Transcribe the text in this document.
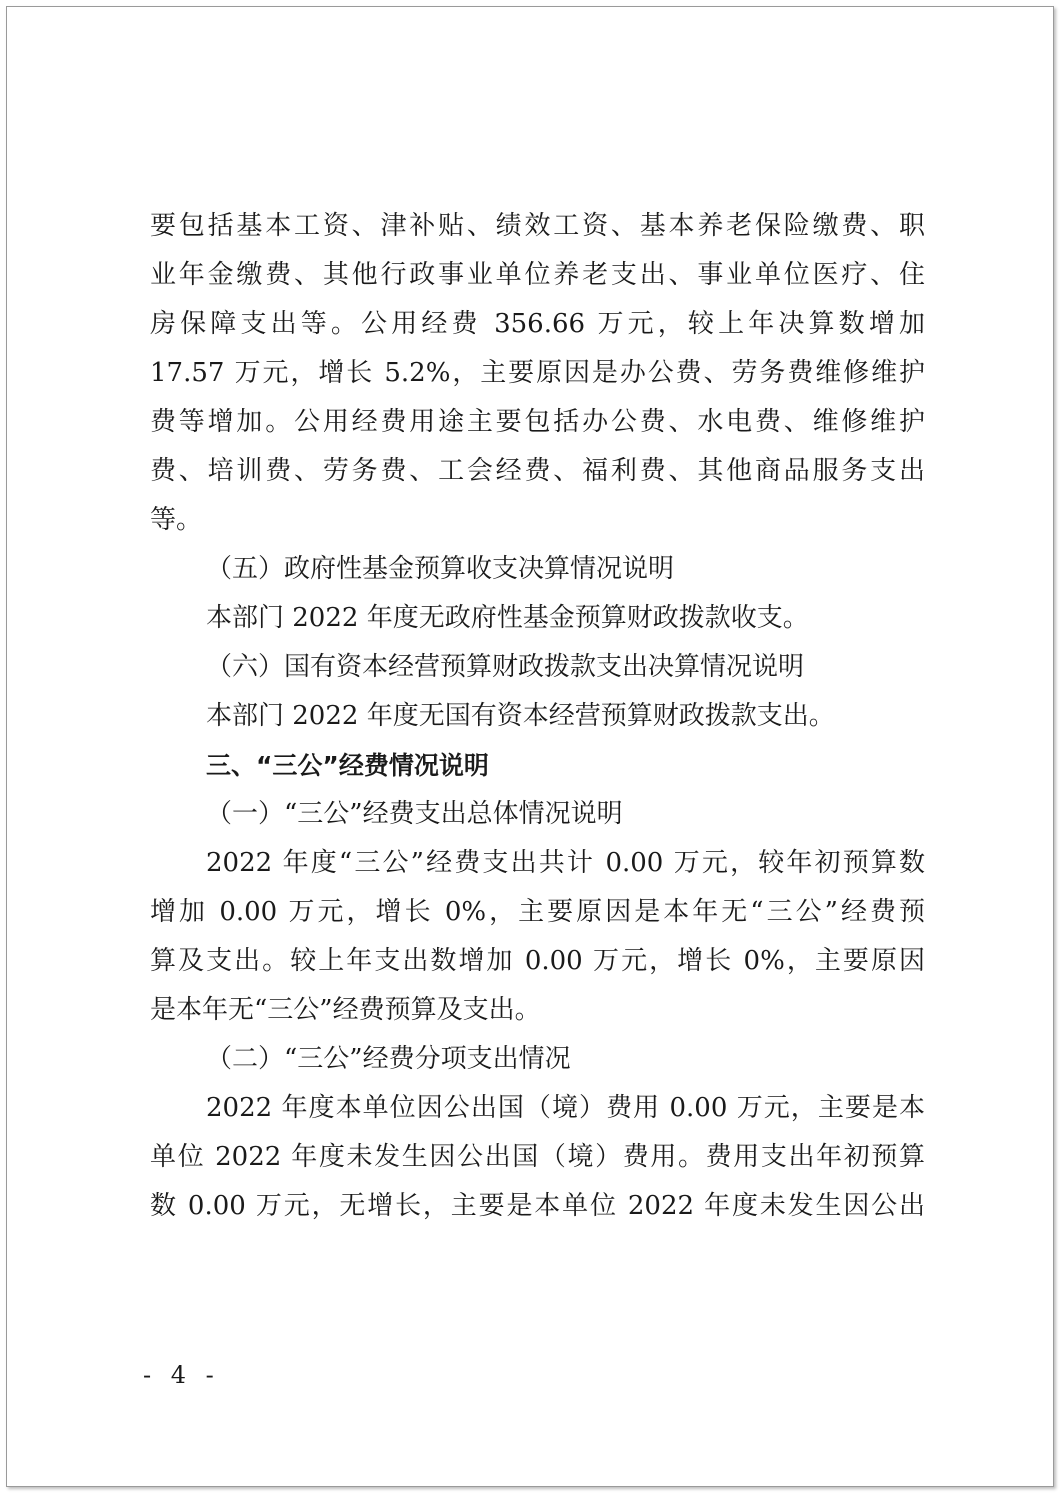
要包括基本工资、津补贴、绩效工资、基本养老保险缴费、职

业年金缴费、其他行政事业单位养老支出、事业单位医疗、住

房保障支出等。公用经费 356.66 万元，较上年决算数增加

17.57 万元，增长 5.2%，主要原因是办公费、劳务费维修维护

费等增加。公用经费用途主要包括办公费、水电费、维修维护

费、培训费、劳务费、工会经费、福利费、其他商品服务支出

等。

（五）政府性基金预算收支决算情况说明

本部门 2022 年度无政府性基金预算财政拨款收支。

（六）国有资本经营预算财政拨款支出决算情况说明

本部门 2022 年度无国有资本经营预算财政拨款支出。

三、“三公”经费情况说明

（一）“三公”经费支出总体情况说明

2022 年度“三公”经费支出共计 0.00 万元，较年初预算数

增加 0.00 万元，增长 0%，主要原因是本年无“三公”经费预

算及支出。较上年支出数增加 0.00 万元，增长 0%，主要原因

是本年无“三公”经费预算及支出。

（二）“三公”经费分项支出情况

2022 年度本单位因公出国（境）费用 0.00 万元，主要是本

单位 2022 年度未发生因公出国（境）费用。费用支出年初预算

数 0.00 万元，无增长，主要是本单位 2022 年度未发生因公出

- 4 -
